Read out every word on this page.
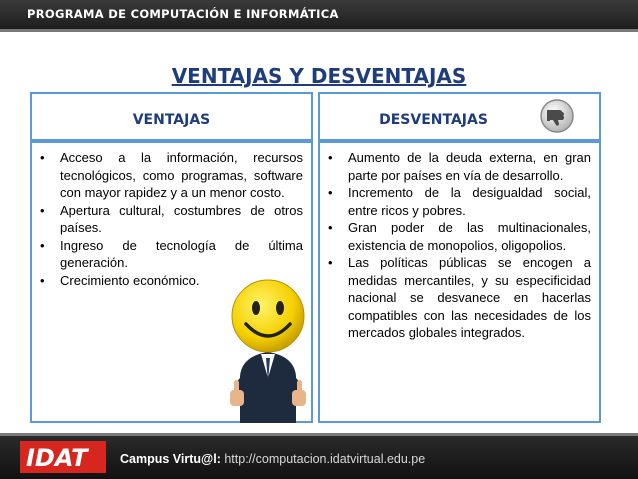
PROGRAMA DE COMPUTACIÓN E INFORMÁTICA
VENTAJAS Y DESVENTAJAS
VENTAJAS
• Acceso a la información, recursos tecnológicos, como programas, software con mayor rapidez y a un menor costo.
• Apertura cultural, costumbres de otros países.
• Ingreso de tecnología de última generación.
• Crecimiento económico.
DESVENTAJAS
• Aumento de la deuda externa, en gran parte por países en vía de desarrollo.
• Incremento de la desigualdad social, entre ricos y pobres.
• Gran poder de las multinacionales, existencia de monopolios, oligopolios.
• Las políticas públicas se encogen a medidas mercantiles, y su especificidad nacional se desvanece en hacerlas compatibles con las necesidades de los mercados globales integrados.
IDAT	Campus Virtu@l: http://computacion.idatvirtual.edu.pe
